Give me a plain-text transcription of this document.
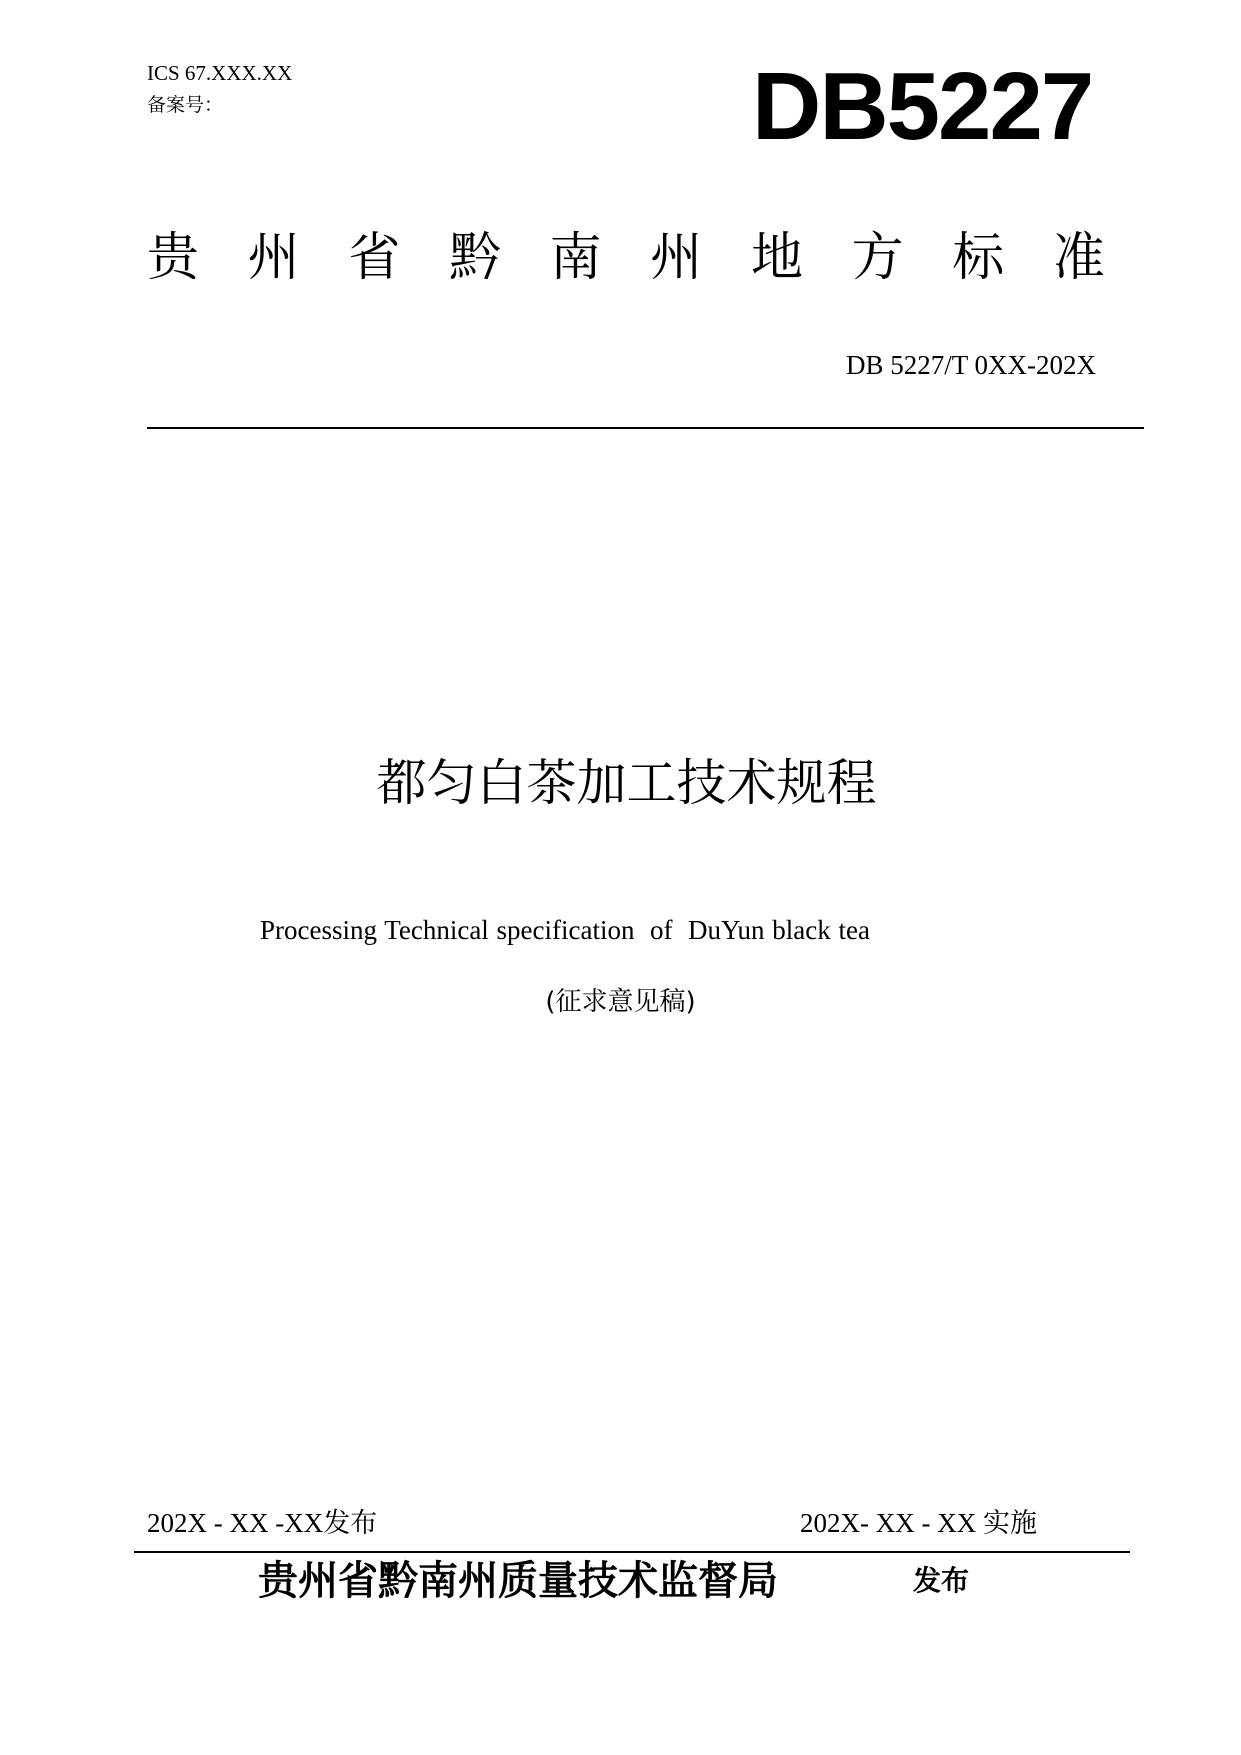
ICS 67.XXX.XX
备案号：	DB5227
贵 州 省 黔 南 州 地 方 标 准
DB 5227/T 0XX-202X
都匀白茶加工技术规程
Processing Technical specification  of  DuYun black tea
(征求意见稿)
202X - XX -XX发布	202X- XX - XX 实施
贵州省黔南州质量技术监督局	发布
